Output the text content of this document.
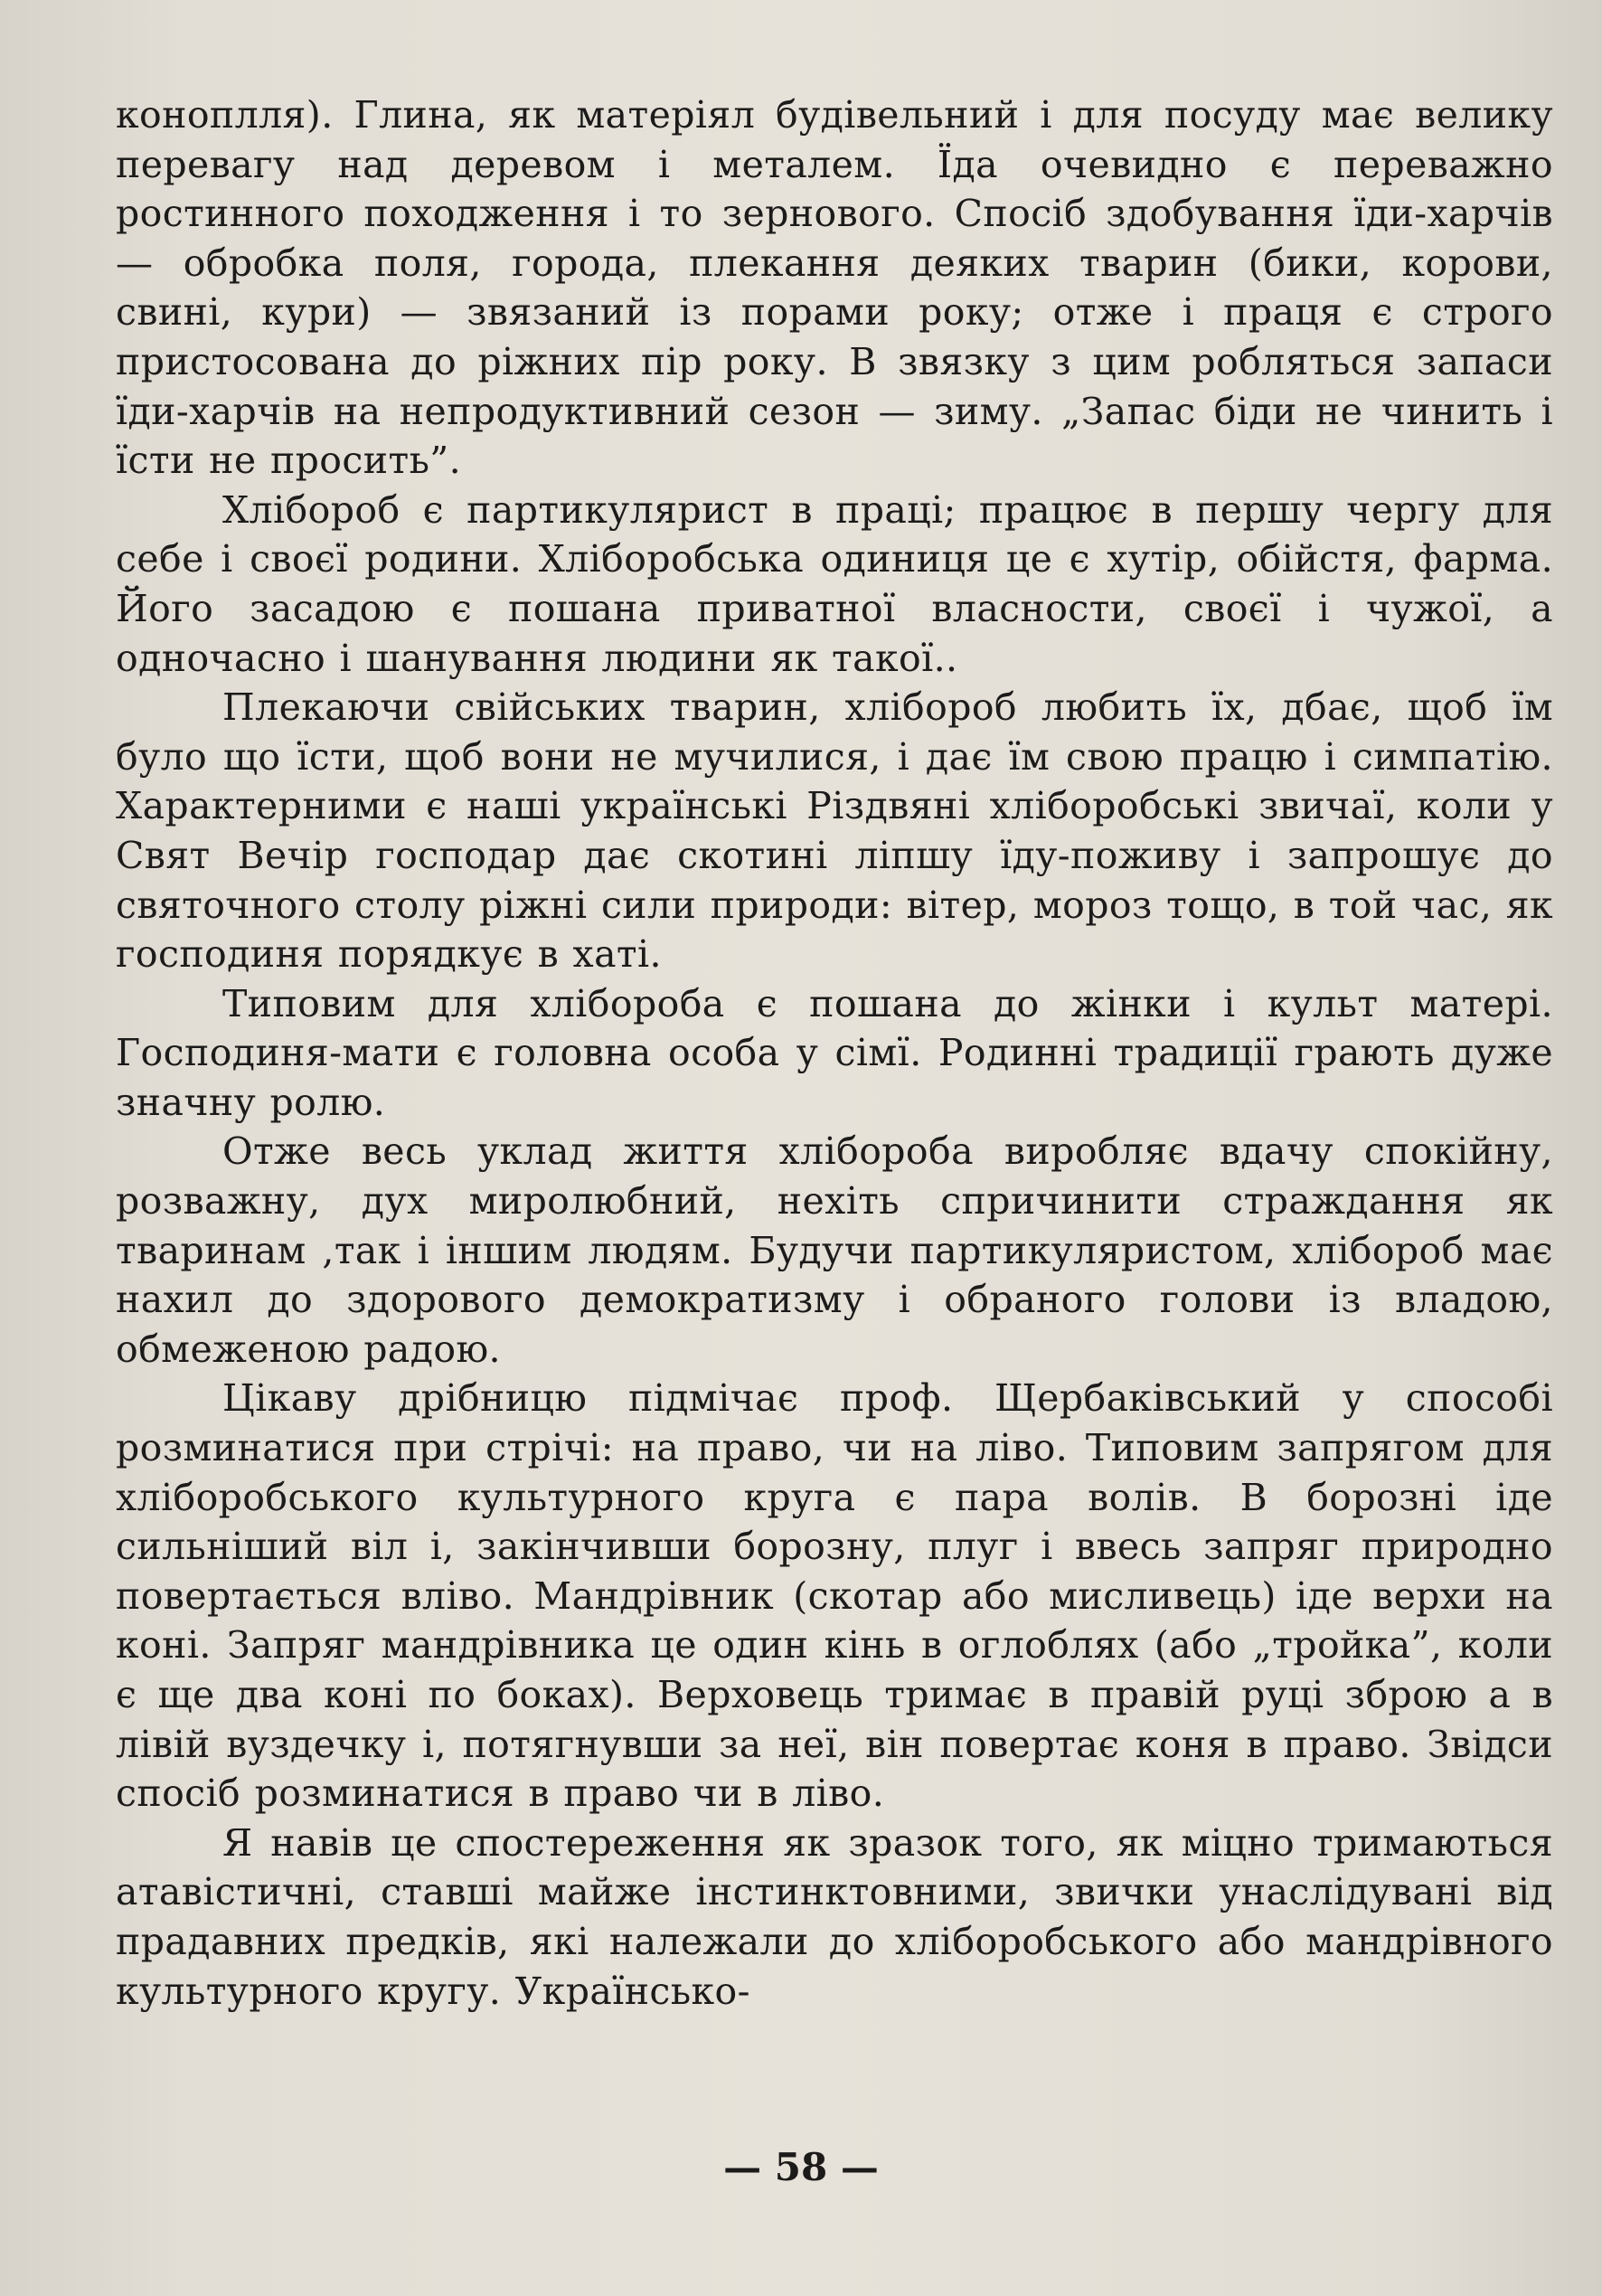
коноплля). Глина, як матеріял будівельний і для посуду має велику перевагу над деревом і металем. Їда очевидно є переважно ростинного походження і то зернового. Спосіб здобування їди-харчів — обробка поля, города, плекання деяких тварин (бики, корови, свині, кури) — звязаний із порами року; отже і праця є строго пристосована до ріжних пір року. В звязку з цим робляться запаси їди-харчів на непродуктивний сезон — зиму. „Запас біди не чинить і їсти не просить”.

Хлібороб є партикулярист в праці; працює в першу чергу для себе і своєї родини. Хліборобська одиниця це є хутір, обійстя, фарма. Його засадою є пошана приватної власности, своєї і чужої, а одночасно і шанування людини як такої..

Плекаючи свійських тварин, хлібороб любить їх, дбає, щоб їм було що їсти, щоб вони не мучилися, і дає їм свою працю і симпатію. Характерними є наші українські Різдвяні хліборобські звичаї, коли у Свят Вечір господар дає скотині ліпшу їду-поживу і запрошує до святочного столу ріжні сили природи: вітер, мороз тощо, в той час, як господиня порядкує в хаті.

Типовим для хлібороба є пошана до жінки і культ матері. Господиня-мати є головна особа у сімї. Родинні традиції грають дуже значну ролю.

Отже весь уклад життя хлібороба виробляє вдачу спокійну, розважну, дух миролюбний, нехіть спричинити страждання як тваринам ,так і іншим людям. Будучи партикуляристом, хлібороб має нахил до здорового демократизму і обраного голови із владою, обмеженою радою.

Цікаву дрібницю підмічає проф. Щербаківський у способі розминатися при стрічі: на право, чи на ліво. Типовим запрягом для хліборобського культурного круга є пара волів. В борозні іде сильніший віл і, закінчивши борозну, плуг і ввесь запряг природно повертається вліво. Мандрівник (скотар або мисливець) іде верхи на коні. Запряг мандрівника це один кінь в оглоблях (або „тройка”, коли є ще два коні по боках). Верховець тримає в правій руці зброю а в лівій вуздечку і, потягнувши за неї, він повертає коня в право. Звідси спосіб розминатися в право чи в ліво.

Я навів це спостереження як зразок того, як міцно тримаються атавістичні, ставші майже інстинктовними, звички унаслідувані від прадавних предків, які належали до хліборобського або мандрівного культурного кругу. Українсько-

— 58 —
